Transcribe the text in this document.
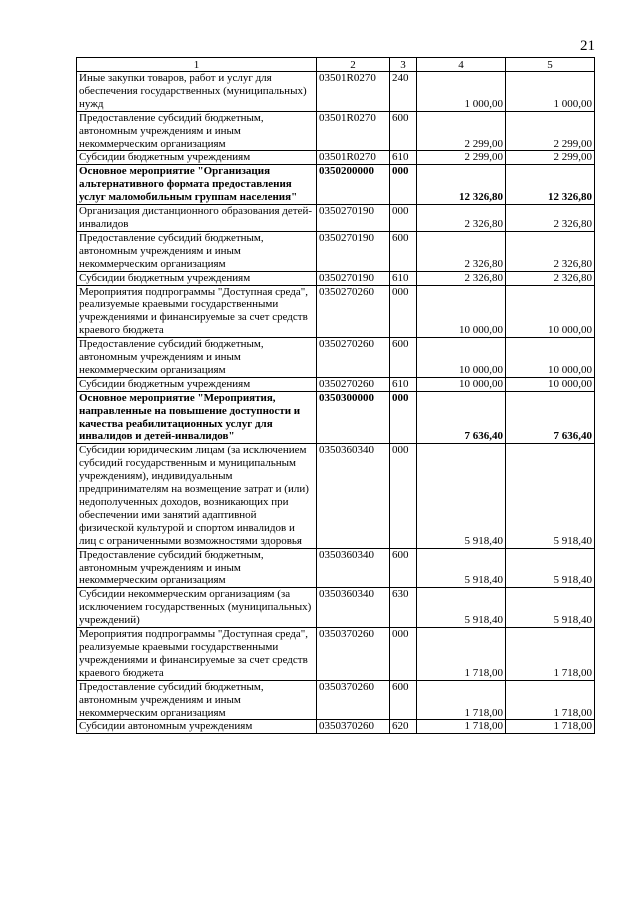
21
1	2	3	4	5
Иные закупки товаров, работ и услуг для обеспечения государственных (муниципальных) нужд	03501R0270	240	1 000,00	1 000,00
Предоставление субсидий бюджетным, автономным учреждениям и иным некоммерческим организациям	03501R0270	600	2 299,00	2 299,00
Субсидии бюджетным учреждениям	03501R0270	610	2 299,00	2 299,00
Основное мероприятие "Организация альтернативного формата предоставления услуг маломобильным группам населения"	0350200000	000	12 326,80	12 326,80
Организация дистанционного образования детей-инвалидов	0350270190	000	2 326,80	2 326,80
Предоставление субсидий бюджетным, автономным учреждениям и иным некоммерческим организациям	0350270190	600	2 326,80	2 326,80
Субсидии бюджетным учреждениям	0350270190	610	2 326,80	2 326,80
Мероприятия подпрограммы "Доступная среда", реализуемые краевыми государственными учреждениями и финансируемые за счет средств краевого бюджета	0350270260	000	10 000,00	10 000,00
Предоставление субсидий бюджетным, автономным учреждениям и иным некоммерческим организациям	0350270260	600	10 000,00	10 000,00
Субсидии бюджетным учреждениям	0350270260	610	10 000,00	10 000,00
Основное мероприятие "Мероприятия, направленные на повышение доступности и качества реабилитационных услуг для инвалидов и детей-инвалидов"	0350300000	000	7 636,40	7 636,40
Субсидии юридическим лицам (за исключением субсидий государственным и муниципальным учреждениям), индивидуальным предпринимателям на возмещение затрат и (или) недополученных доходов, возникающих при обеспечении ими занятий адаптивной физической культурой и спортом инвалидов и лиц с ограниченными возможностями здоровья	0350360340	000	5 918,40	5 918,40
Предоставление субсидий бюджетным, автономным учреждениям и иным некоммерческим организациям	0350360340	600	5 918,40	5 918,40
Субсидии некоммерческим организациям (за исключением государственных (муниципальных) учреждений)	0350360340	630	5 918,40	5 918,40
Мероприятия подпрограммы "Доступная среда", реализуемые краевыми государственными учреждениями и финансируемые за счет средств краевого бюджета	0350370260	000	1 718,00	1 718,00
Предоставление субсидий бюджетным, автономным учреждениям и иным некоммерческим организациям	0350370260	600	1 718,00	1 718,00
Субсидии автономным учреждениям	0350370260	620	1 718,00	1 718,00
